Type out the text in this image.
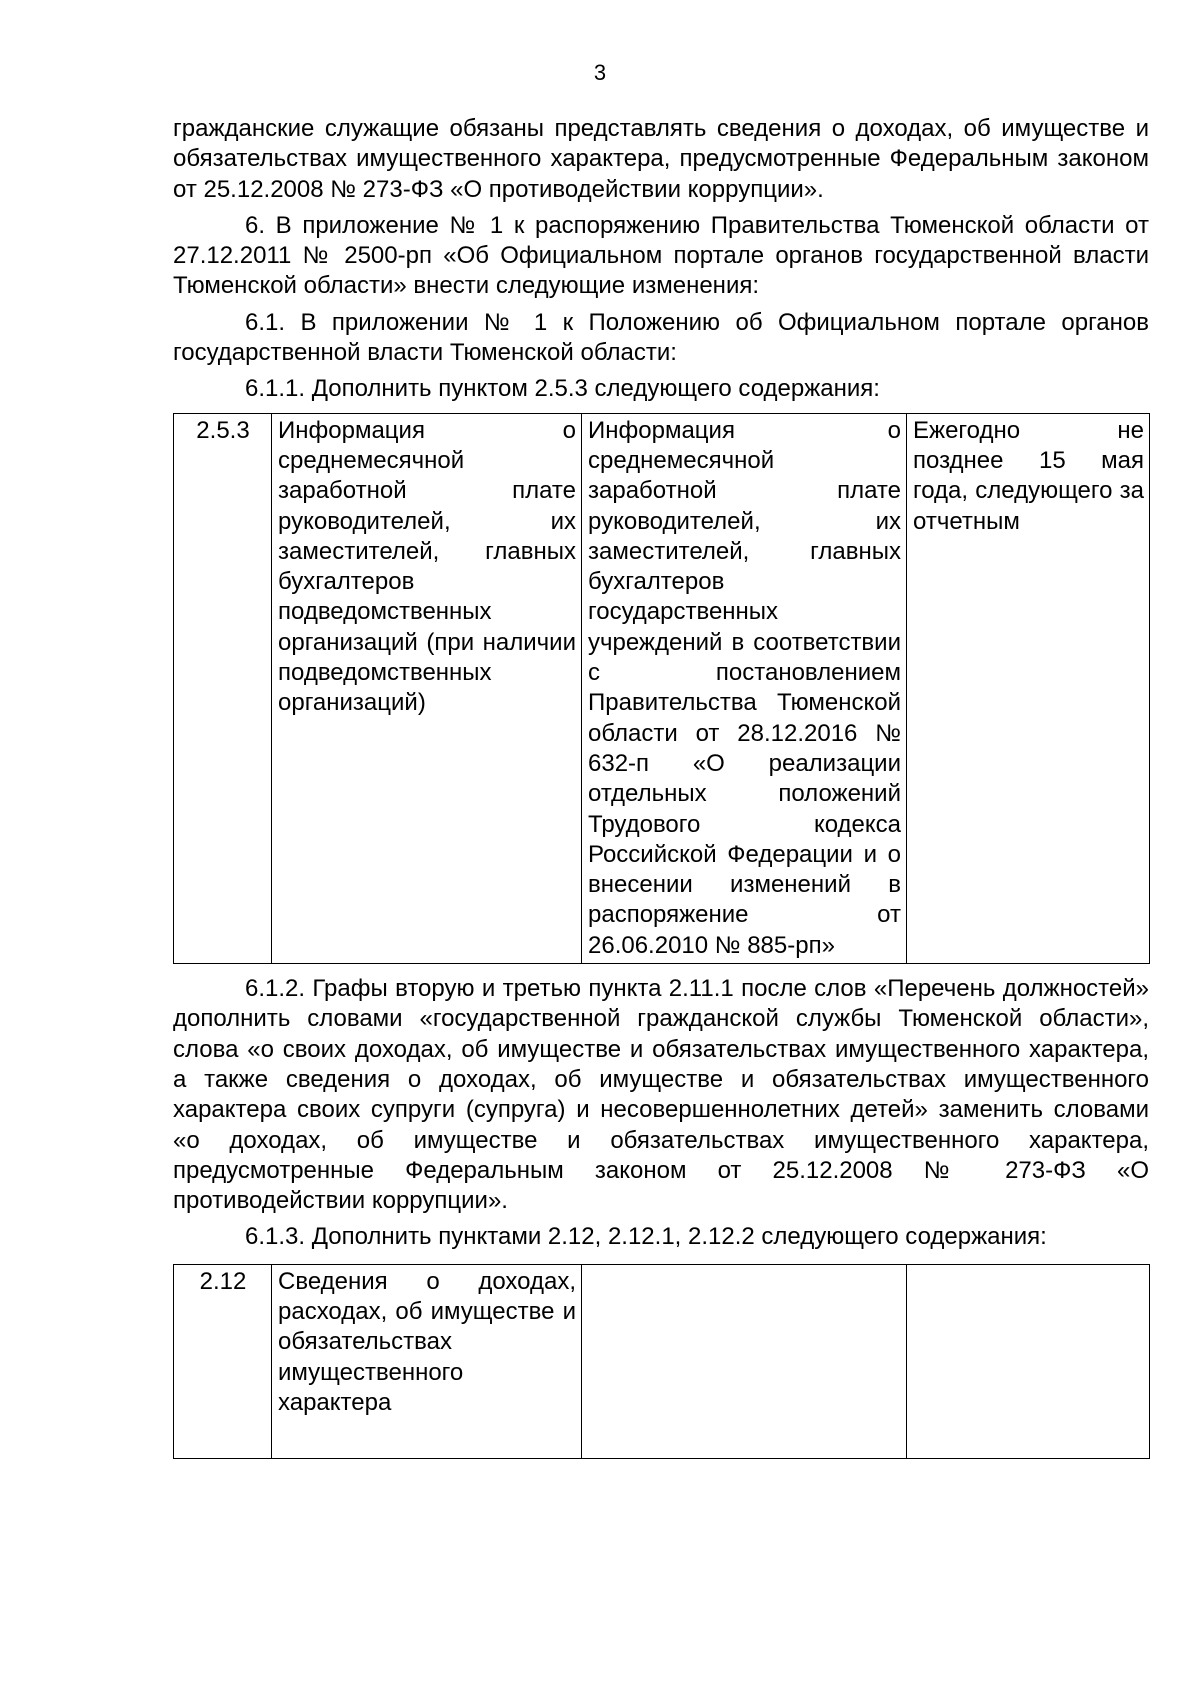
3

гражданские служащие обязаны представлять сведения о доходах, об имуществе и обязательствах имущественного характера, предусмотренные Федеральным законом от 25.12.2008 № 273-ФЗ «О противодействии коррупции».

6. В приложение № 1 к распоряжению Правительства Тюменской области от 27.12.2011 № 2500-рп «Об Официальном портале органов государственной власти Тюменской области» внести следующие изменения:

6.1. В приложении № 1 к Положению об Официальном портале органов государственной власти Тюменской области:

6.1.1. Дополнить пунктом 2.5.3 следующего содержания:

2.5.3	Информация о среднемесячной заработной плате руководителей, их заместителей, главных бухгалтеров подведомственных организаций (при наличии подведомственных организаций)	Информация о среднемесячной заработной плате руководителей, их заместителей, главных бухгалтеров государственных учреждений в соответствии с постановлением Правительства Тюменской области от 28.12.2016 № 632-п «О реализации отдельных положений Трудового кодекса Российской Федерации и о внесении изменений в распоряжение от 26.06.2010 № 885-рп»	Ежегодно не позднее 15 мая года, следующего за отчетным

6.1.2. Графы вторую и третью пункта 2.11.1 после слов «Перечень должностей» дополнить словами «государственной гражданской службы Тюменской области», слова «о своих доходах, об имуществе и обязательствах имущественного характера, а также сведения о доходах, об имуществе и обязательствах имущественного характера своих супруги (супруга) и несовершеннолетних детей» заменить словами «о доходах, об имуществе и обязательствах имущественного характера, предусмотренные Федеральным законом от 25.12.2008 № 273-ФЗ «О противодействии коррупции».

6.1.3. Дополнить пунктами 2.12, 2.12.1, 2.12.2 следующего содержания:

2.12	Сведения о доходах, расходах, об имуществе и обязательствах имущественного характера		
